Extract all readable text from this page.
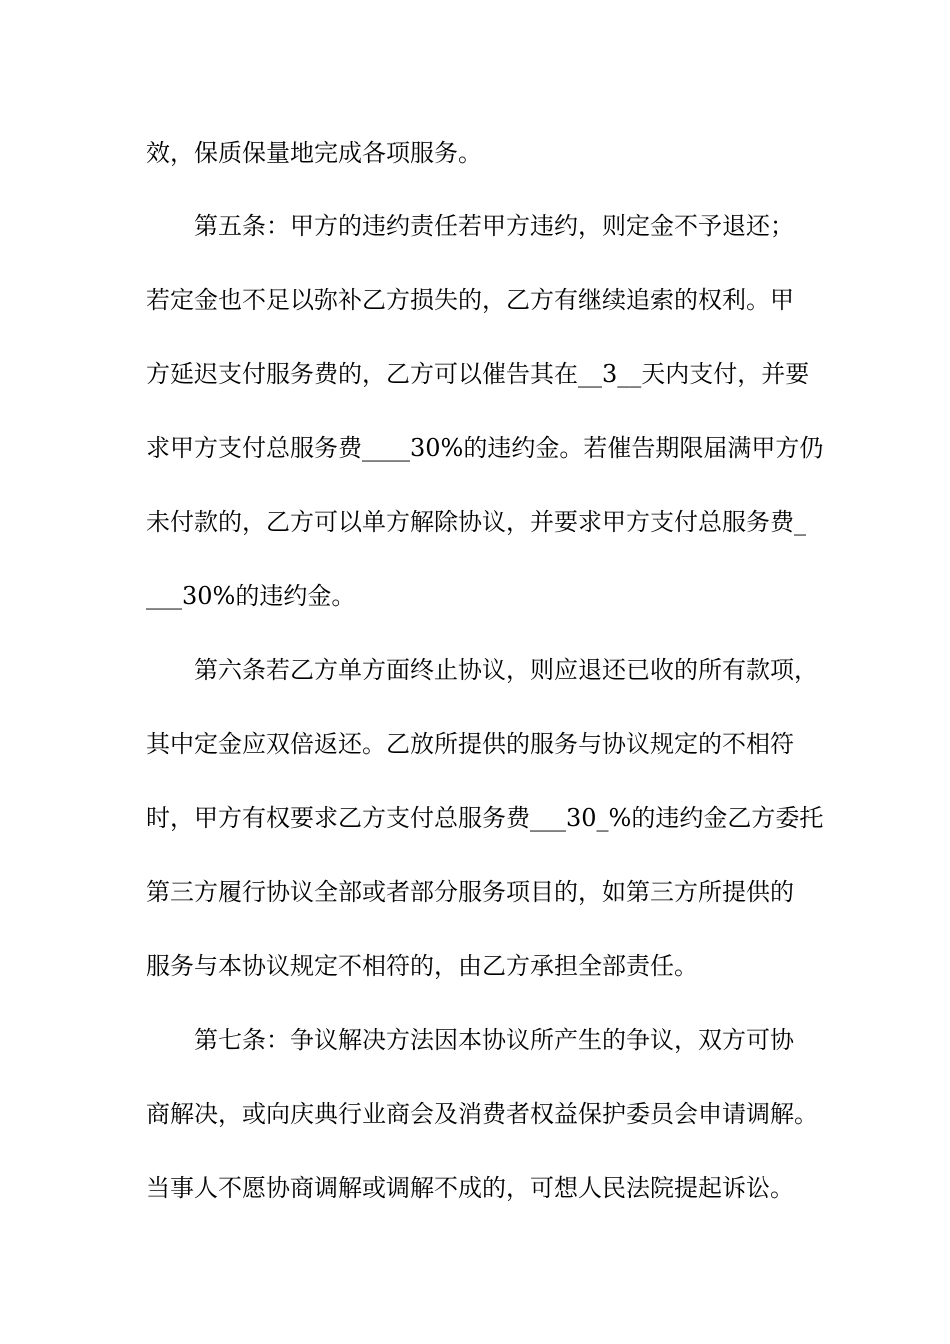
效，保质保量地完成各项服务。
第五条：甲方的违约责任若甲方违约，则定金不予退还；
若定金也不足以弥补乙方损失的，乙方有继续追索的权利。甲
方延迟支付服务费的，乙方可以催告其在__3__天内支付，并要
求甲方支付总服务费____30%的违约金。若催告期限届满甲方仍
未付款的，乙方可以单方解除协议，并要求甲方支付总服务费_
___30%的违约金。
第六条若乙方单方面终止协议，则应退还已收的所有款项，
其中定金应双倍返还。乙放所提供的服务与协议规定的不相符
时，甲方有权要求乙方支付总服务费___30_%的违约金乙方委托
第三方履行协议全部或者部分服务项目的，如第三方所提供的
服务与本协议规定不相符的，由乙方承担全部责任。
第七条：争议解决方法因本协议所产生的争议，双方可协
商解决，或向庆典行业商会及消费者权益保护委员会申请调解。
当事人不愿协商调解或调解不成的，可想人民法院提起诉讼。
